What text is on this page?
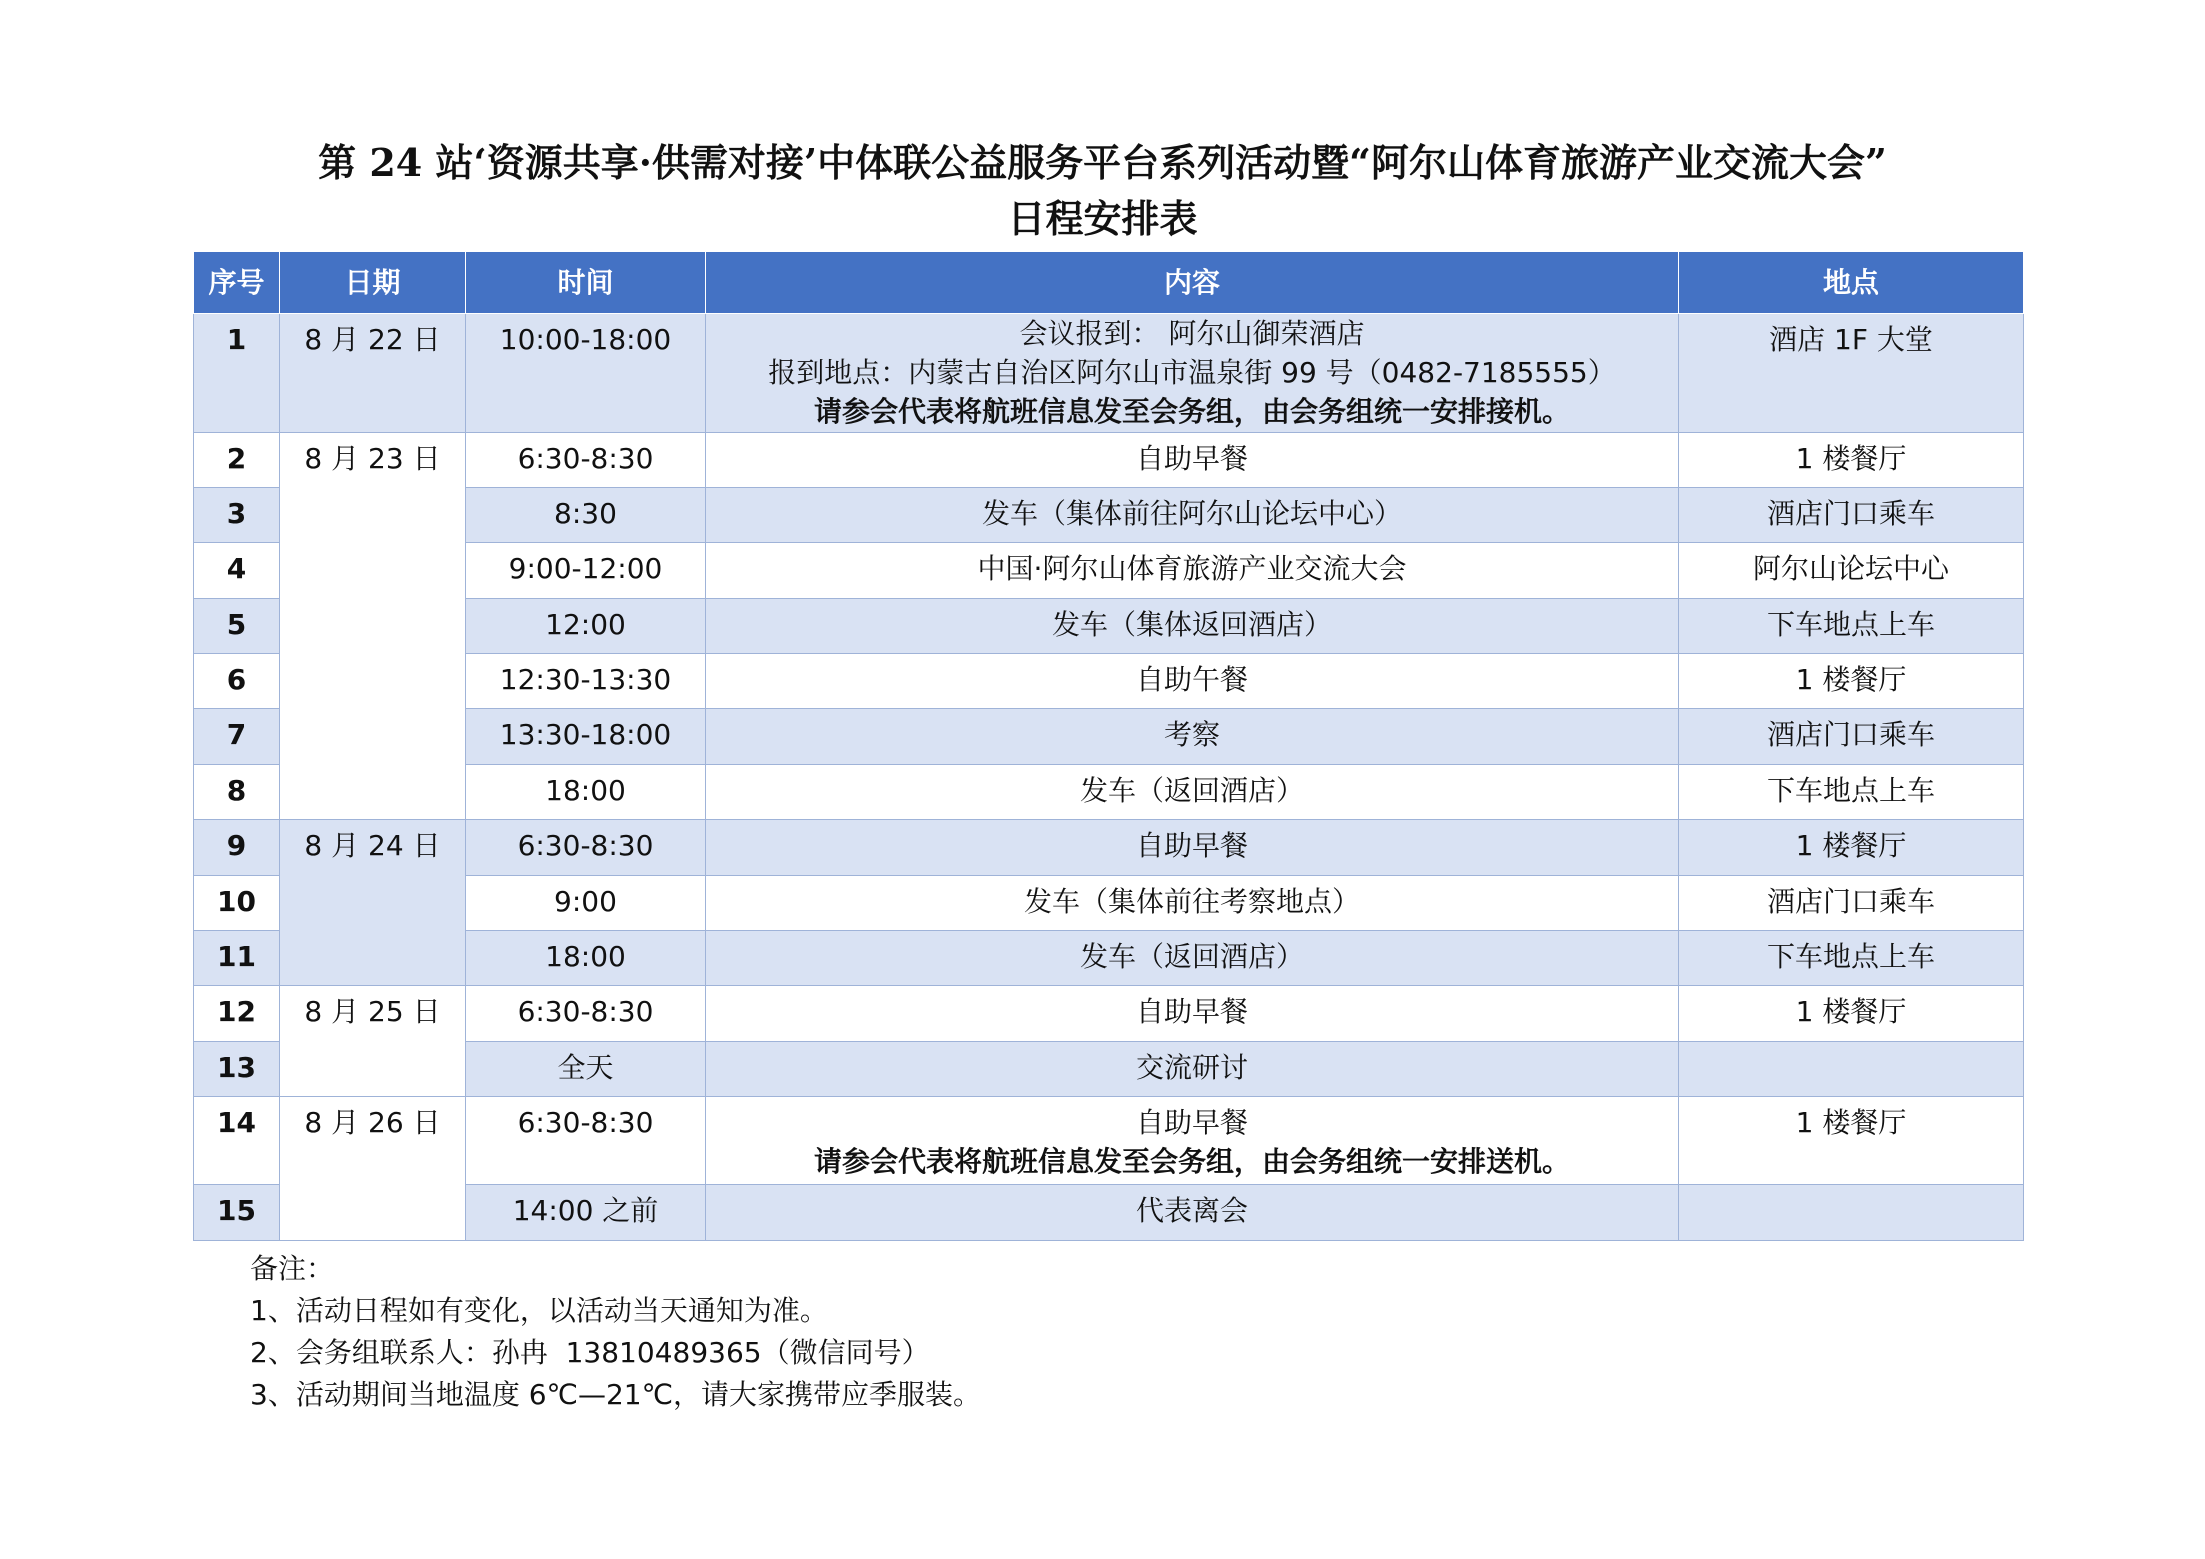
第 24 站‘资源共享·供需对接’中体联公益服务平台系列活动暨“阿尔山体育旅游产业交流大会”
日程安排表
序号	日期	时间	内容	地点
1	8 月 22 日	10:00-18:00	会议报到： 阿尔山御荣酒店
报到地点：内蒙古自治区阿尔山市温泉街 99 号（0482-7185555）
请参会代表将航班信息发至会务组，由会务组统一安排接机。	酒店 1F 大堂
2	8 月 23 日	6:30-8:30	自助早餐	1 楼餐厅
3		8:30	发车（集体前往阿尔山论坛中心）	酒店门口乘车
4		9:00-12:00	中国·阿尔山体育旅游产业交流大会	阿尔山论坛中心
5		12:00	发车（集体返回酒店）	下车地点上车
6		12:30-13:30	自助午餐	1 楼餐厅
7		13:30-18:00	考察	酒店门口乘车
8		18:00	发车（返回酒店）	下车地点上车
9	8 月 24 日	6:30-8:30	自助早餐	1 楼餐厅
10		9:00	发车（集体前往考察地点）	酒店门口乘车
11		18:00	发车（返回酒店）	下车地点上车
12	8 月 25 日	6:30-8:30	自助早餐	1 楼餐厅
13		全天	交流研讨	
14	8 月 26 日	6:30-8:30	自助早餐
请参会代表将航班信息发至会务组，由会务组统一安排送机。	1 楼餐厅
15		14:00 之前	代表离会	
备注：
1、活动日程如有变化，以活动当天通知为准。
2、会务组联系人：孙冉  13810489365（微信同号）
3、活动期间当地温度 6℃—21℃，请大家携带应季服装。
